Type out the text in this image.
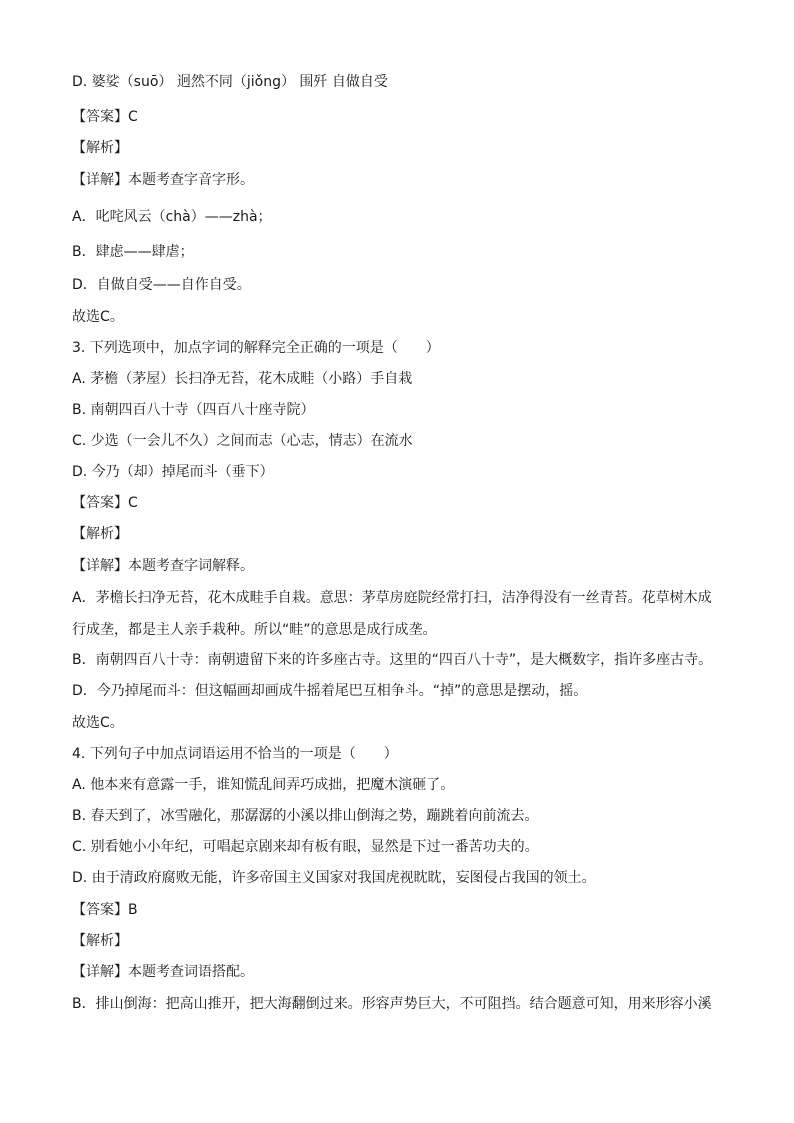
D. 婆娑（suō） 迥然不同（jiǒng） 围歼 自做自受
【答案】C
【解析】
【详解】本题考查字音字形。
A．叱咤风云（chà）——zhà；
B．肆虑——肆虐；
D．自做自受——自作自受。
故选C。
3. 下列选项中，加点字词的解释完全正确的一项是（　　）
A. 茅檐（茅屋）长扫净无苔，花木成畦（小路）手自栽
B. 南朝四百八十寺（四百八十座寺院）
C. 少选（一会儿不久）之间而志（心志，情志）在流水
D. 今乃（却）掉尾而斗（垂下）
【答案】C
【解析】
【详解】本题考查字词解释。
A．茅檐长扫净无苔，花木成畦手自栽。意思：茅草房庭院经常打扫，洁净得没有一丝青苔。花草树木成
行成垄，都是主人亲手栽种。所以“畦”的意思是成行成垄。
B．南朝四百八十寺：南朝遗留下来的许多座古寺。这里的“四百八十寺”，是大概数字，指许多座古寺。
D．今乃掉尾而斗：但这幅画却画成牛摇着尾巴互相争斗。“掉”的意思是摆动，摇。
故选C。
4. 下列句子中加点词语运用不恰当的一项是（　　）
A. 他本来有意露一手，谁知慌乱间弄巧成拙，把魔木演砸了。
B. 春天到了，冰雪融化，那潺潺的小溪以排山倒海之势，蹦跳着向前流去。
C. 别看她小小年纪，可唱起京剧来却有板有眼，显然是下过一番苦功夫的。
D. 由于清政府腐败无能，许多帝国主义国家对我国虎视眈眈，妄图侵占我国的领土。
【答案】B
【解析】
【详解】本题考查词语搭配。
B．排山倒海：把高山推开，把大海翻倒过来。形容声势巨大，不可阻挡。结合题意可知，用来形容小溪
